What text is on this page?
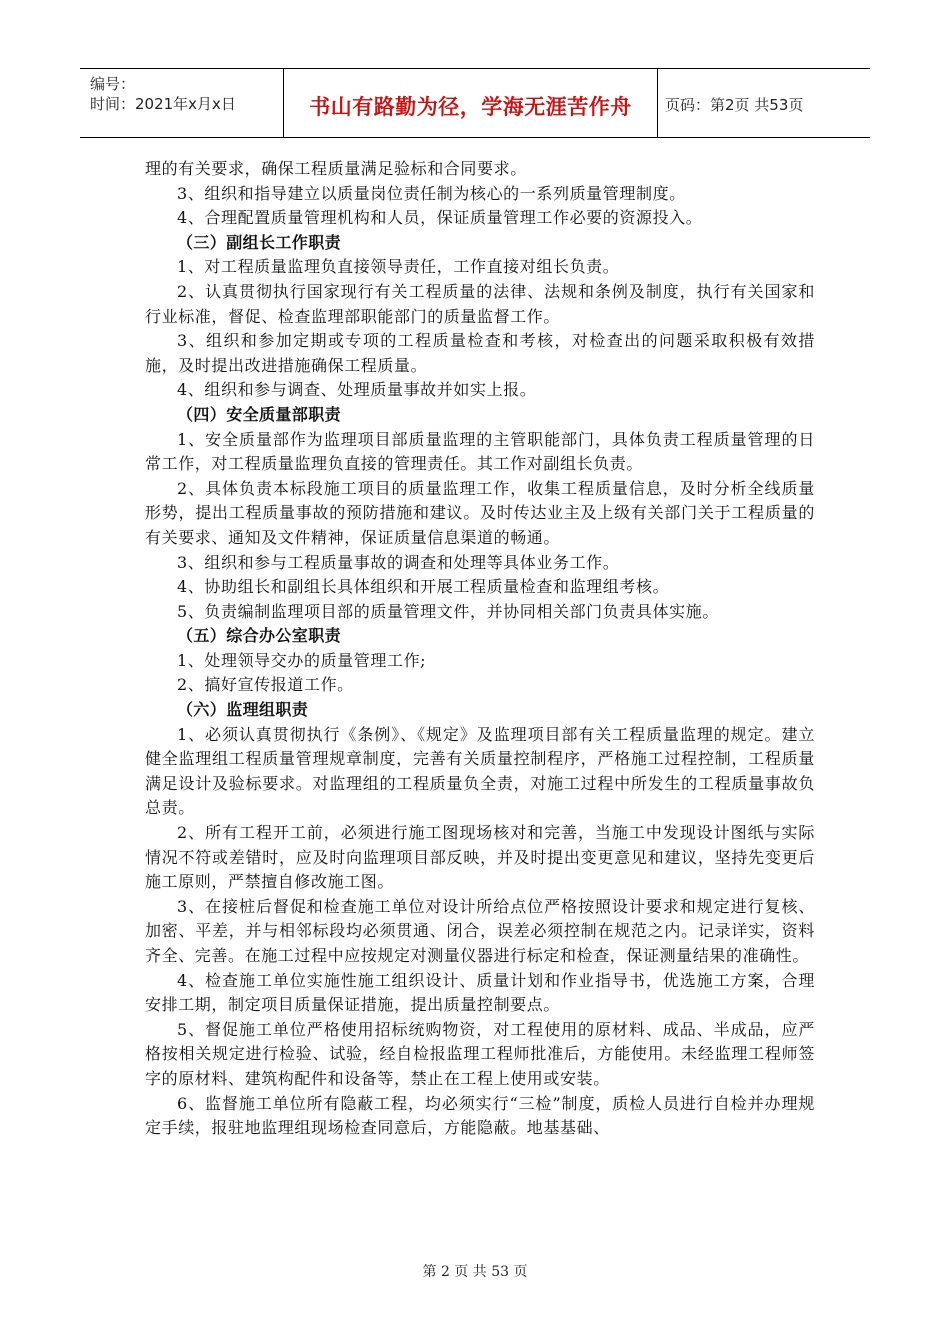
编号：
时间：2021年x月x日	书山有路勤为径，学海无涯苦作舟	页码：第2页 共53页

理的有关要求，确保工程质量满足验标和合同要求。

3、组织和指导建立以质量岗位责任制为核心的一系列质量管理制度。

4、合理配置质量管理机构和人员，保证质量管理工作必要的资源投入。

（三）副组长工作职责

1、对工程质量监理负直接领导责任，工作直接对组长负责。

2、认真贯彻执行国家现行有关工程质量的法律、法规和条例及制度，执行有关国家和行业标准，督促、检查监理部职能部门的质量监督工作。

3、组织和参加定期或专项的工程质量检查和考核，对检查出的问题采取积极有效措施，及时提出改进措施确保工程质量。

4、组织和参与调查、处理质量事故并如实上报。

（四）安全质量部职责

1、安全质量部作为监理项目部质量监理的主管职能部门，具体负责工程质量管理的日常工作，对工程质量监理负直接的管理责任。其工作对副组长负责。

2、具体负责本标段施工项目的质量监理工作，收集工程质量信息，及时分析全线质量形势，提出工程质量事故的预防措施和建议。及时传达业主及上级有关部门关于工程质量的有关要求、通知及文件精神，保证质量信息渠道的畅通。

3、组织和参与工程质量事故的调查和处理等具体业务工作。

4、协助组长和副组长具体组织和开展工程质量检查和监理组考核。

5、负责编制监理项目部的质量管理文件，并协同相关部门负责具体实施。

（五）综合办公室职责

1、处理领导交办的质量管理工作;

2、搞好宣传报道工作。

（六）监理组职责

1、必须认真贯彻执行《条例》、《规定》及监理项目部有关工程质量监理的规定。建立健全监理组工程质量管理规章制度，完善有关质量控制程序，严格施工过程控制，工程质量满足设计及验标要求。对监理组的工程质量负全责，对施工过程中所发生的工程质量事故负总责。

2、所有工程开工前，必须进行施工图现场核对和完善，当施工中发现设计图纸与实际情况不符或差错时，应及时向监理项目部反映，并及时提出变更意见和建议，坚持先变更后施工原则，严禁擅自修改施工图。

3、在接桩后督促和检查施工单位对设计所给点位严格按照设计要求和规定进行复核、加密、平差，并与相邻标段均必须贯通、闭合，误差必须控制在规范之内。记录详实，资料齐全、完善。在施工过程中应按规定对测量仪器进行标定和检查，保证测量结果的准确性。

4、检查施工单位实施性施工组织设计、质量计划和作业指导书，优选施工方案，合理安排工期，制定项目质量保证措施，提出质量控制要点。

5、督促施工单位严格使用招标统购物资，对工程使用的原材料、成品、半成品，应严格按相关规定进行检验、试验，经自检报监理工程师批准后，方能使用。未经监理工程师签字的原材料、建筑构配件和设备等，禁止在工程上使用或安装。

6、监督施工单位所有隐蔽工程，均必须实行“三检”制度，质检人员进行自检并办理规定手续，报驻地监理组现场检查同意后，方能隐蔽。地基基础、

第 2 页 共 53 页
